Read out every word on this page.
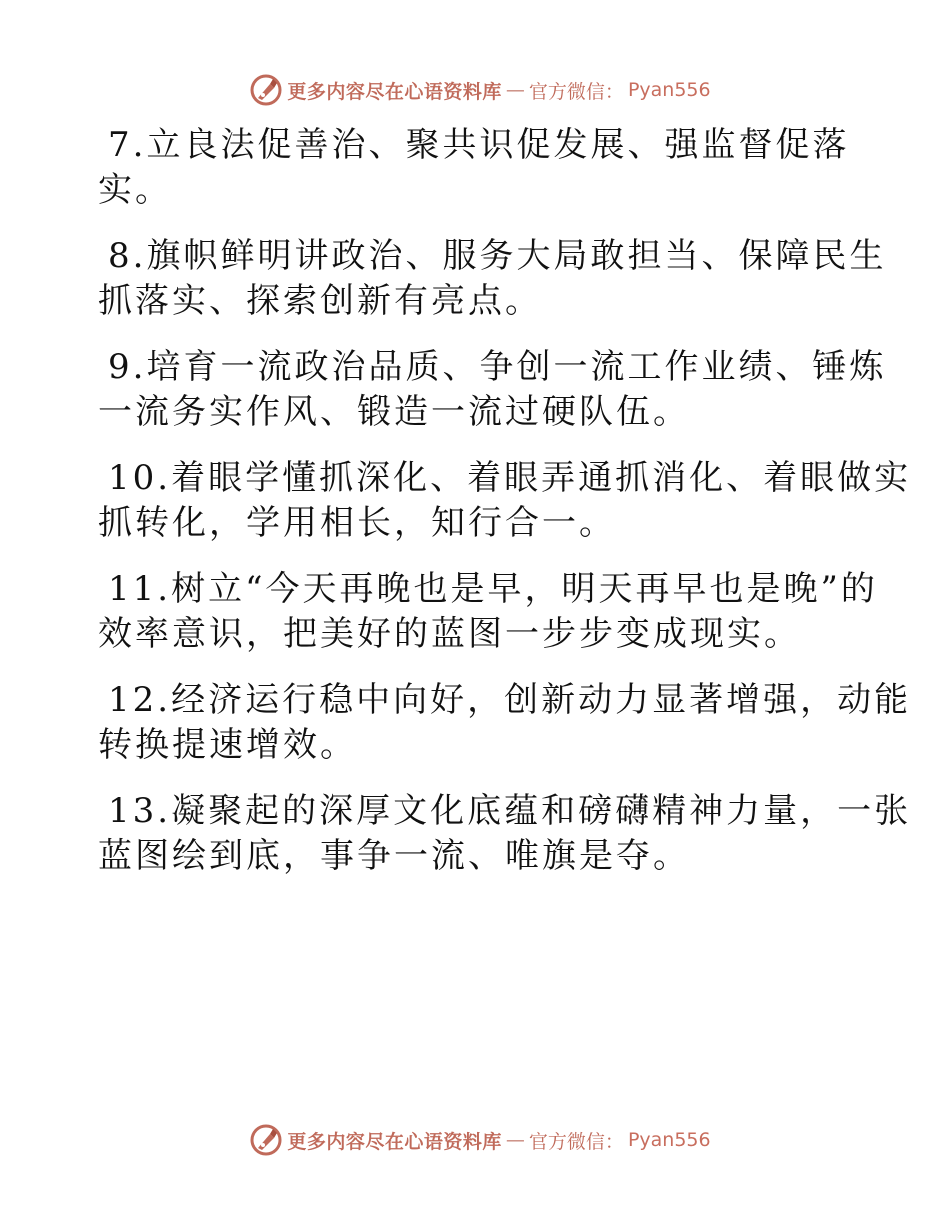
更多内容尽在心语资料库 — 官方微信： Pyan556
7.立良法促善治、聚共识促发展、强监督促落
实。
8.旗帜鲜明讲政治、服务大局敢担当、保障民生
抓落实、探索创新有亮点。
9.培育一流政治品质、争创一流工作业绩、锤炼
一流务实作风、锻造一流过硬队伍。
10.着眼学懂抓深化、着眼弄通抓消化、着眼做实
抓转化，学用相长，知行合一。
11.树立“今天再晚也是早，明天再早也是晚”的
效率意识，把美好的蓝图一步步变成现实。
12.经济运行稳中向好，创新动力显著增强，动能
转换提速增效。
13.凝聚起的深厚文化底蕴和磅礴精神力量，一张
蓝图绘到底，事争一流、唯旗是夺。
更多内容尽在心语资料库 — 官方微信： Pyan556
